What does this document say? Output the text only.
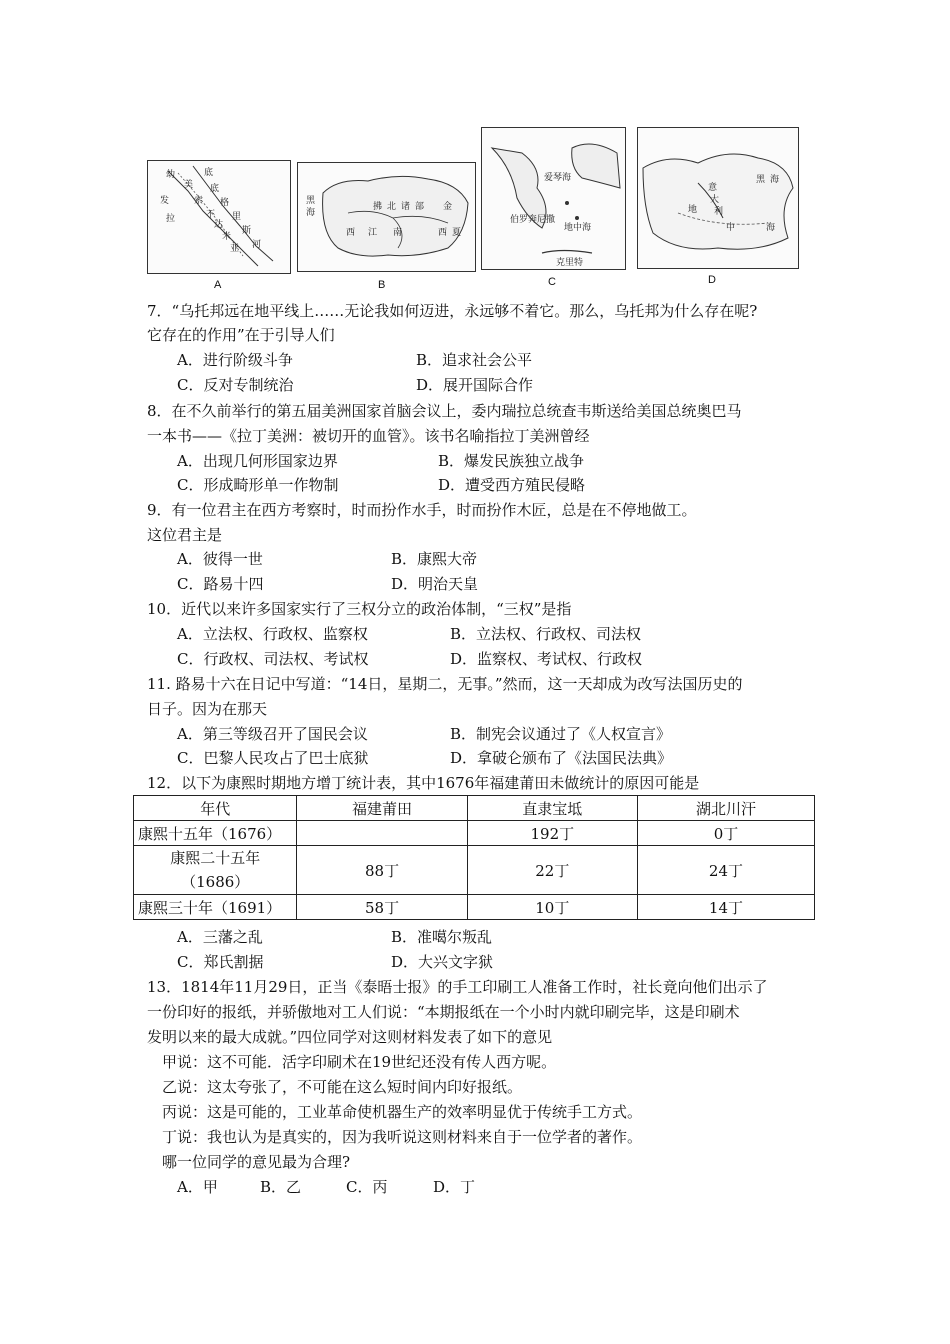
幼
发
拉
底
美
索
不
达
米
亚
底
格
里
斯
河
A
黑
海
拂 北 诸 部 金
西 江 南	西 夏
B
爱琴海
伯罗奔尼撒
地中海
克里特
C
意
大
利
黑 海
地
中	海
D
7．“乌托邦远在地平线上……无论我如何迈进，永远够不着它。那么，乌托邦为什么存在呢?
它存在的作用”在于引导人们
A．进行阶级斗争	B．追求社会公平
C．反对专制统治	D．展开国际合作
8．在不久前举行的第五届美洲国家首脑会议上，委内瑞拉总统查韦斯送给美国总统奥巴马
一本书——《拉丁美洲：被切开的血管》。该书名喻指拉丁美洲曾经
A．出现几何形国家边界	B．爆发民族独立战争
C．形成畸形单一作物制	D．遭受西方殖民侵略
9．有一位君主在西方考察时，时而扮作水手，时而扮作木匠，总是在不停地做工。
这位君主是
A．彼得一世	B．康熙大帝
C．路易十四	D．明治天皇
10．近代以来许多国家实行了三权分立的政治体制，“三权”是指
A．立法权、行政权、监察权	B．立法权、行政权、司法权
C．行政权、司法权、考试权	D．监察权、考试权、行政权
11. 路易十六在日记中写道：“14日，星期二，无事。”然而，这一天却成为改写法国历史的
日子。因为在那天
A．第三等级召开了国民会议	B．制宪会议通过了《人权宣言》
C．巴黎人民攻占了巴士底狱	D．拿破仑颁布了《法国民法典》
12．以下为康熙时期地方增丁统计表，其中1676年福建莆田未做统计的原因可能是
年代	福建莆田	直隶宝坻	湖北川汗
康熙十五年（1676）		192丁	0丁

康熙二十五年
（1686）	88丁	22丁	24丁
康熙三十年（1691）	58丁	10丁	14丁
A．三藩之乱	B．准噶尔叛乱
C．郑氏割据	D．大兴文字狱
13．1814年11月29日，正当《泰晤士报》的手工印刷工人准备工作时，社长竟向他们出示了
一份印好的报纸，并骄傲地对工人们说：“本期报纸在一个小时内就印刷完毕，这是印刷术
发明以来的最大成就。”四位同学对这则材料发表了如下的意见
甲说：这不可能．活字印刷术在19世纪还没有传人西方呢。
乙说：这太夸张了，不可能在这么短时间内印好报纸。
丙说：这是可能的，工业革命使机器生产的效率明显优于传统手工方式。
丁说：我也认为是真实的，因为我听说这则材料来自于一位学者的著作。
哪一位同学的意见最为合理?
A．甲	B．乙	C．丙	D．丁
